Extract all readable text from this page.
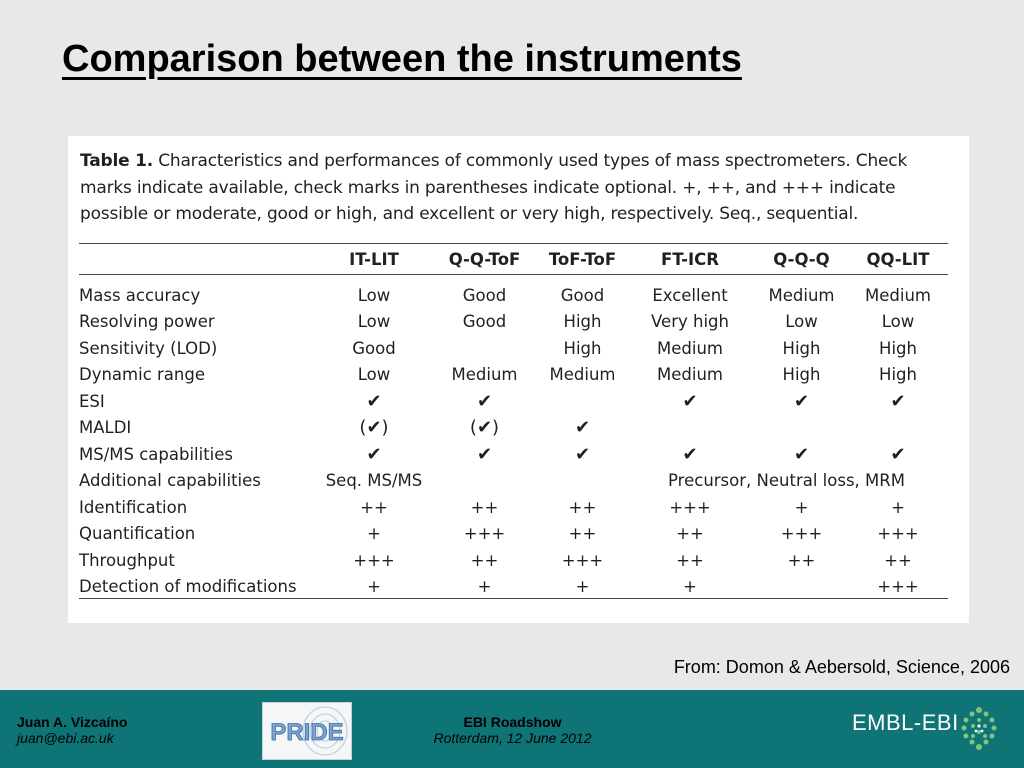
Comparison between the instruments
Table 1. Characteristics and performances of commonly used types of mass spectrometers. Check
marks indicate available, check marks in parentheses indicate optional. +, ++, and +++ indicate
possible or moderate, good or high, and excellent or very high, respectively. Seq., sequential.
	IT-LIT	Q-Q-ToF	ToF-ToF	FT-ICR	Q-Q-Q	QQ-LIT
Mass accuracy	Low	Good	Good	Excellent	Medium	Medium
Resolving power	Low	Good	High	Very high	Low	Low
Sensitivity (LOD)	Good		High	Medium	High	High
Dynamic range	Low	Medium	Medium	Medium	High	High
ESI	✔	✔		✔	✔	✔
MALDI	(✔)	(✔)	✔			
MS/MS capabilities	✔	✔	✔	✔	✔	✔
Additional capabilities	Seq. MS/MS			Precursor, Neutral loss, MRM		
Identification	++	++	++	+++	+	+
Quantification	+	+++	++	++	+++	+++
Throughput	+++	++	+++	++	++	++
Detection of modifications	+	+	+	+		+++
From: Domon & Aebersold, Science, 2006
Juan A. Vizcaíno
juan@ebi.ac.uk	PRIDE	EBI Roadshow
Rotterdam, 12 June 2012
EMBL-EBI
